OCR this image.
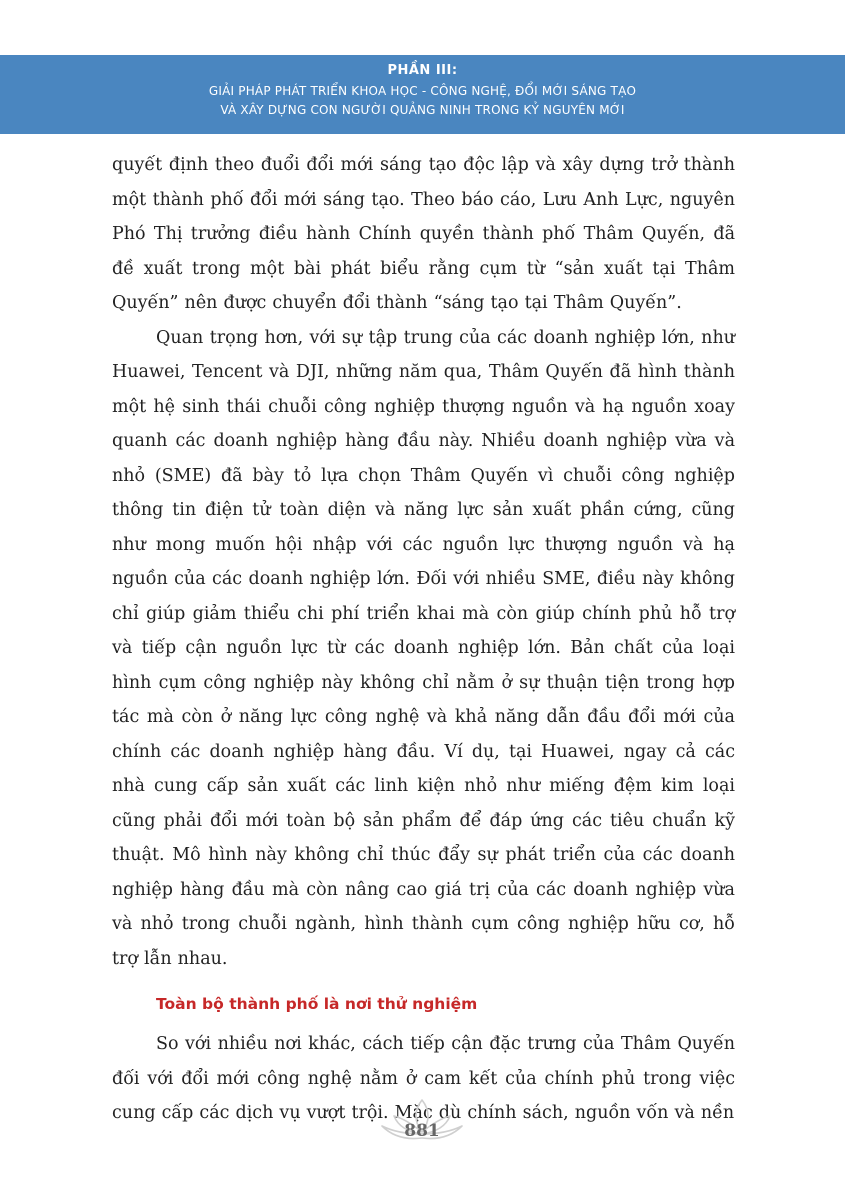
PHẦN III:
GIẢI PHÁP PHÁT TRIỂN KHOA HỌC - CÔNG NGHỆ, ĐỔI MỚI SÁNG TẠO
VÀ XÂY DỰNG CON NGƯỜI QUẢNG NINH TRONG KỶ NGUYÊN MỚI

quyết định theo đuổi đổi mới sáng tạo độc lập và xây dựng trở thành một thành phố đổi mới sáng tạo. Theo báo cáo, Lưu Anh Lực, nguyên Phó Thị trưởng điều hành Chính quyền thành phố Thâm Quyến, đã đề xuất trong một bài phát biểu rằng cụm từ “sản xuất tại Thâm Quyến” nên được chuyển đổi thành “sáng tạo tại Thâm Quyến”.

Quan trọng hơn, với sự tập trung của các doanh nghiệp lớn, như Huawei, Tencent và DJI, những năm qua, Thâm Quyến đã hình thành một hệ sinh thái chuỗi công nghiệp thượng nguồn và hạ nguồn xoay quanh các doanh nghiệp hàng đầu này. Nhiều doanh nghiệp vừa và nhỏ (SME) đã bày tỏ lựa chọn Thâm Quyến vì chuỗi công nghiệp thông tin điện tử toàn diện và năng lực sản xuất phần cứng, cũng như mong muốn hội nhập với các nguồn lực thượng nguồn và hạ nguồn của các doanh nghiệp lớn. Đối với nhiều SME, điều này không chỉ giúp giảm thiểu chi phí triển khai mà còn giúp chính phủ hỗ trợ và tiếp cận nguồn lực từ các doanh nghiệp lớn. Bản chất của loại hình cụm công nghiệp này không chỉ nằm ở sự thuận tiện trong hợp tác mà còn ở năng lực công nghệ và khả năng dẫn đầu đổi mới của chính các doanh nghiệp hàng đầu. Ví dụ, tại Huawei, ngay cả các nhà cung cấp sản xuất các linh kiện nhỏ như miếng đệm kim loại cũng phải đổi mới toàn bộ sản phẩm để đáp ứng các tiêu chuẩn kỹ thuật. Mô hình này không chỉ thúc đẩy sự phát triển của các doanh nghiệp hàng đầu mà còn nâng cao giá trị của các doanh nghiệp vừa và nhỏ trong chuỗi ngành, hình thành cụm công nghiệp hữu cơ, hỗ trợ lẫn nhau.

Toàn bộ thành phố là nơi thử nghiệm

So với nhiều nơi khác, cách tiếp cận đặc trưng của Thâm Quyến đối với đổi mới công nghệ nằm ở cam kết của chính phủ trong việc cung cấp các dịch vụ vượt trội. Mặc dù chính sách, nguồn vốn và nền

881
